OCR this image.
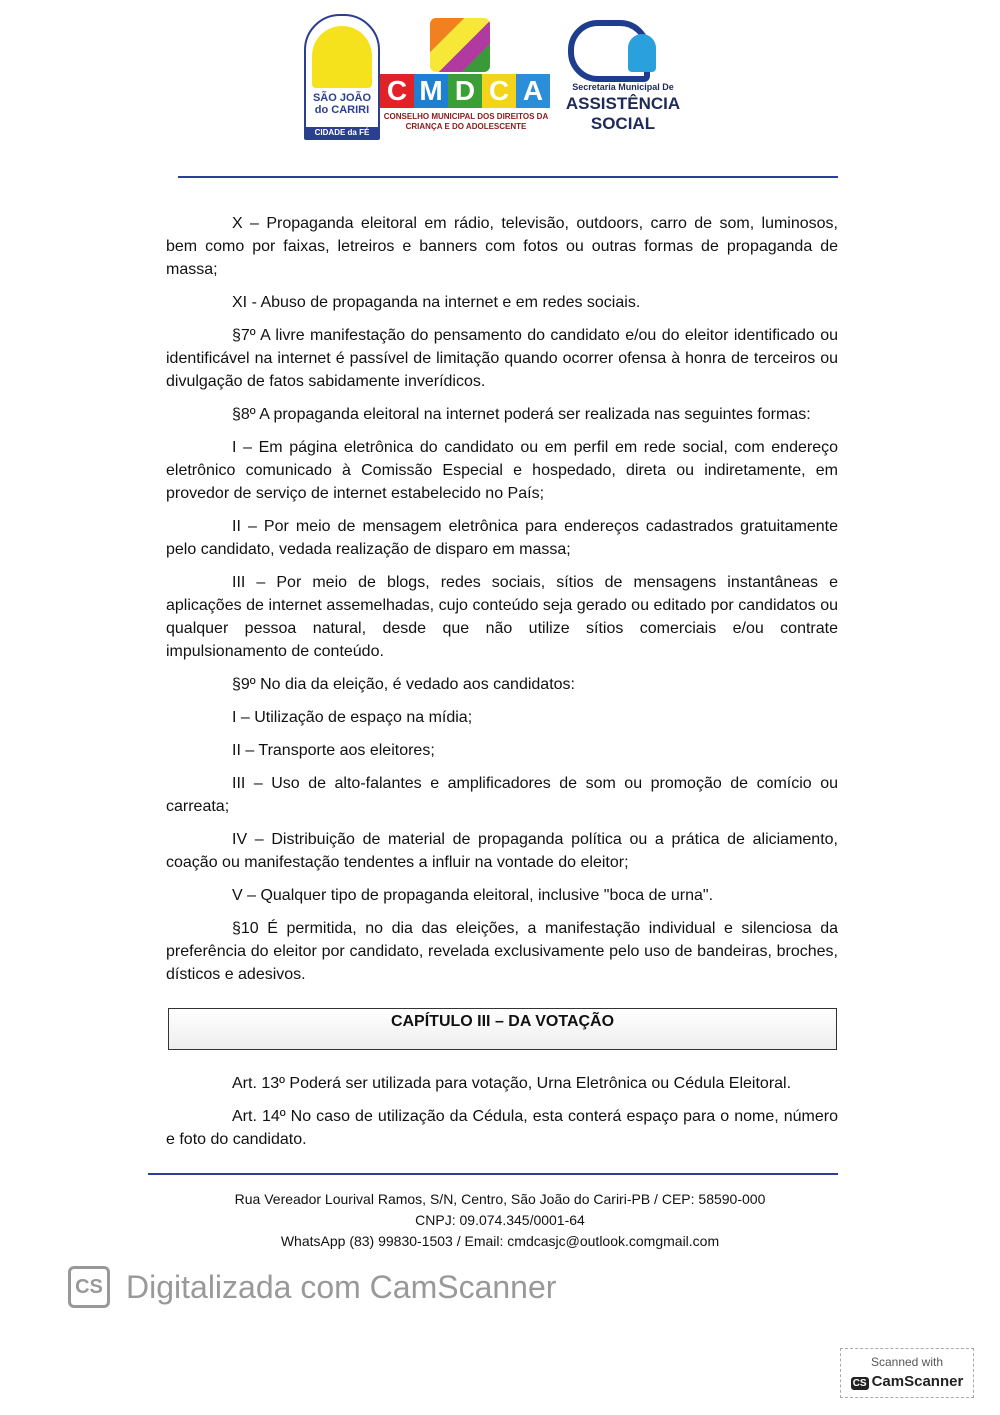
SÃO JOÃO do CARIRI
CIDADE da FÉ
C M D C A
CONSELHO MUNICIPAL DOS DIREITOS DA CRIANÇA E DO ADOLESCENTE
Secretaria Municipal De
ASSISTÊNCIA
SOCIAL

X – Propaganda eleitoral em rádio, televisão, outdoors, carro de som, luminosos, bem como por faixas, letreiros e banners com fotos ou outras formas de propaganda de massa;

XI - Abuso de propaganda na internet e em redes sociais.

§7º A livre manifestação do pensamento do candidato e/ou do eleitor identificado ou identificável na internet é passível de limitação quando ocorrer ofensa à honra de terceiros ou divulgação de fatos sabidamente inverídicos.

§8º A propaganda eleitoral na internet poderá ser realizada nas seguintes formas:

I – Em página eletrônica do candidato ou em perfil em rede social, com endereço eletrônico comunicado à Comissão Especial e hospedado, direta ou indiretamente, em provedor de serviço de internet estabelecido no País;

II – Por meio de mensagem eletrônica para endereços cadastrados gratuitamente pelo candidato, vedada realização de disparo em massa;

III – Por meio de blogs, redes sociais, sítios de mensagens instantâneas e aplicações de internet assemelhadas, cujo conteúdo seja gerado ou editado por candidatos ou qualquer pessoa natural, desde que não utilize sítios comerciais e/ou contrate impulsionamento de conteúdo.

§9º No dia da eleição, é vedado aos candidatos:

I – Utilização de espaço na mídia;

II – Transporte aos eleitores;

III – Uso de alto-falantes e amplificadores de som ou promoção de comício ou carreata;

IV – Distribuição de material de propaganda política ou a prática de aliciamento, coação ou manifestação tendentes a influir na vontade do eleitor;

V – Qualquer tipo de propaganda eleitoral, inclusive "boca de urna".

§10 É permitida, no dia das eleições, a manifestação individual e silenciosa da preferência do eleitor por candidato, revelada exclusivamente pelo uso de bandeiras, broches, dísticos e adesivos.

CAPÍTULO III – DA VOTAÇÃO

Art. 13º Poderá ser utilizada para votação, Urna Eletrônica ou Cédula Eleitoral.

Art. 14º No caso de utilização da Cédula, esta conterá espaço para o nome, número e foto do candidato.

Rua Vereador Lourival Ramos, S/N, Centro, São João do Cariri-PB / CEP: 58590-000
CNPJ: 09.074.345/0001-64
WhatsApp (83) 99830-1503 / Email: cmdcasjc@outlook.comgmail.com
CS Digitalizada com CamScanner
Scanned with
CS CamScanner
